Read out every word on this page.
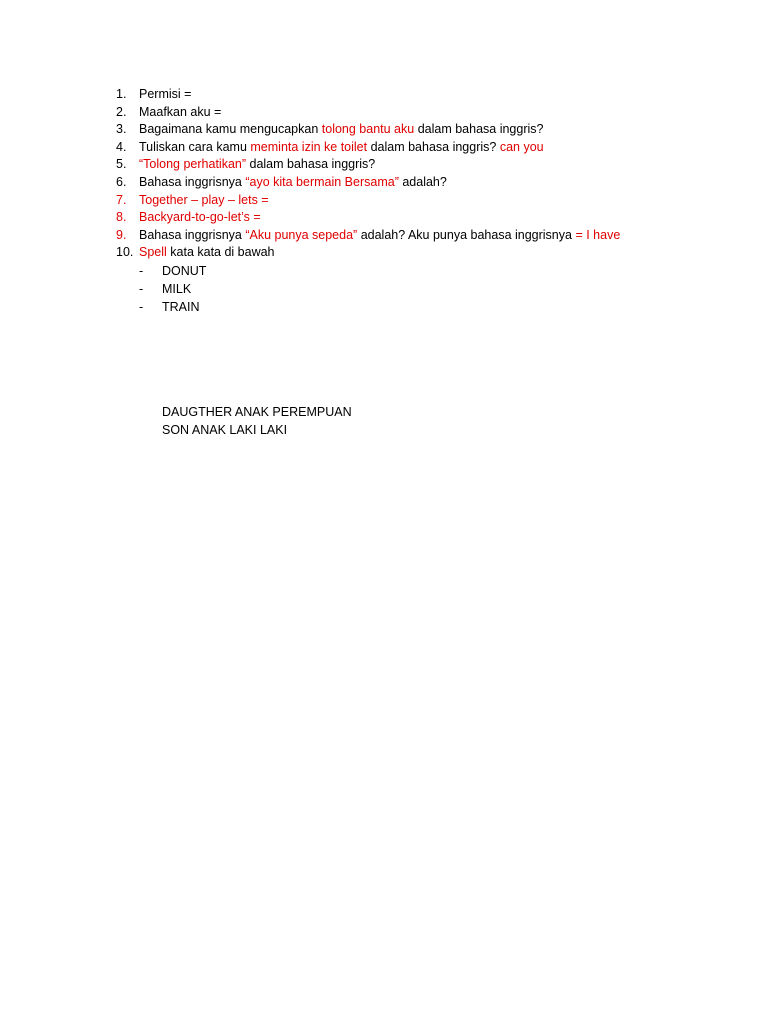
1. Permisi =
2. Maafkan aku =
3. Bagaimana kamu mengucapkan tolong bantu aku dalam bahasa inggris?
4. Tuliskan cara kamu meminta izin ke toilet dalam bahasa inggris? can you
5. “Tolong perhatikan” dalam bahasa inggris?
6. Bahasa inggrisnya “ayo kita bermain Bersama” adalah?
7. Together – play – lets =
8. Backyard-to-go-let’s =
9. Bahasa inggrisnya “Aku punya sepeda” adalah? Aku punya bahasa inggrisnya = I have
10. Spell kata kata di bawah
- DONUT
- MILK
- TRAIN
DAUGTHER ANAK PEREMPUAN
SON ANAK LAKI LAKI
